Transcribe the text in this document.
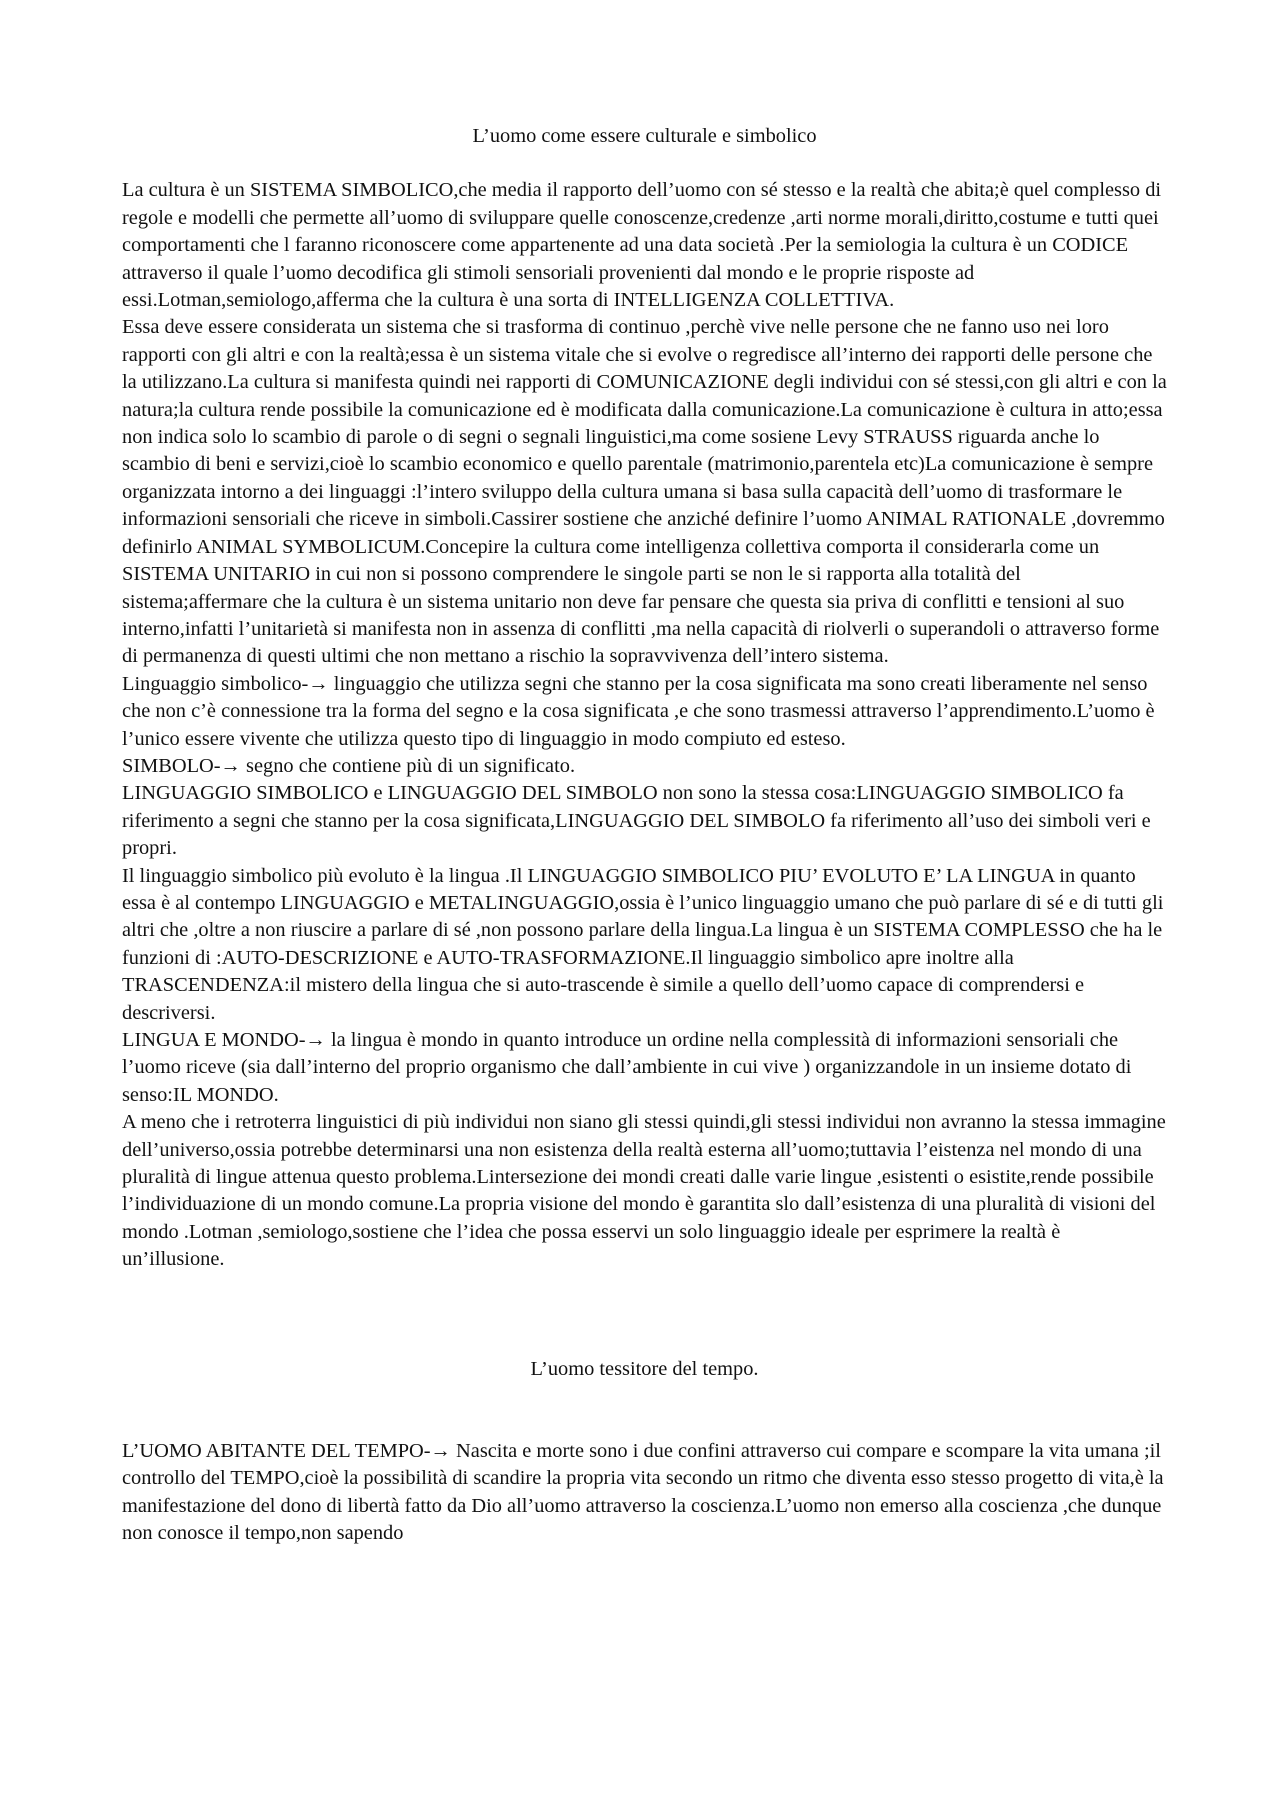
L’uomo come essere culturale e simbolico

La cultura è un SISTEMA SIMBOLICO,che media il rapporto dell’uomo con sé stesso e la realtà che abita;è quel complesso di regole e modelli che permette all’uomo di sviluppare quelle conoscenze,credenze ,arti norme morali,diritto,costume e tutti quei comportamenti che l faranno riconoscere come appartenente ad una data società .Per la semiologia la cultura è un CODICE attraverso il quale l’uomo decodifica gli stimoli sensoriali provenienti dal mondo e le proprie risposte ad essi.Lotman,semiologo,afferma che la cultura è una sorta di INTELLIGENZA COLLETTIVA.

Essa deve essere considerata un sistema che si trasforma di continuo ,perchè vive nelle persone che ne fanno uso nei loro rapporti con gli altri e con la realtà;essa è un sistema vitale che si evolve o regredisce all’interno dei rapporti delle persone che la utilizzano.La cultura si manifesta quindi nei rapporti di COMUNICAZIONE degli individui con sé stessi,con gli altri e con la natura;la cultura rende possibile la comunicazione ed è modificata dalla comunicazione.La comunicazione è cultura in atto;essa non indica solo lo scambio di parole o di segni o segnali linguistici,ma come sosiene Levy STRAUSS riguarda anche lo scambio di beni e servizi,cioè lo scambio economico e quello parentale (matrimonio,parentela etc)La comunicazione è sempre organizzata intorno a dei linguaggi :l’intero sviluppo della cultura umana si basa sulla capacità dell’uomo di trasformare le informazioni sensoriali che riceve in simboli.Cassirer sostiene che anziché definire l’uomo ANIMAL RATIONALE ,dovremmo definirlo ANIMAL SYMBOLICUM.Concepire la cultura come intelligenza collettiva comporta il considerarla come un SISTEMA UNITARIO in cui non si possono comprendere le singole parti se non le si rapporta alla totalità del sistema;affermare che la cultura è un sistema unitario non deve far pensare che questa sia priva di conflitti e tensioni al suo interno,infatti l’unitarietà si manifesta non in assenza di conflitti ,ma nella capacità di riolverli o superandoli o attraverso forme di permanenza di questi ultimi che non mettano a rischio la sopravvivenza dell’intero sistema.

Linguaggio simbolico-→ linguaggio che utilizza segni che stanno per la cosa significata ma sono creati liberamente nel senso che non c’è connessione tra la forma del segno e la cosa significata ,e che sono trasmessi attraverso l’apprendimento.L’uomo è l’unico essere vivente che utilizza questo tipo di linguaggio in modo compiuto ed esteso.

SIMBOLO-→ segno che contiene più di un significato.

LINGUAGGIO SIMBOLICO e LINGUAGGIO DEL SIMBOLO non sono la stessa cosa:LINGUAGGIO SIMBOLICO fa riferimento a segni che stanno per la cosa significata,LINGUAGGIO DEL SIMBOLO fa riferimento all’uso dei simboli veri e propri.

Il linguaggio simbolico più evoluto è la lingua .Il LINGUAGGIO SIMBOLICO PIU’ EVOLUTO E’ LA LINGUA in quanto essa è al contempo LINGUAGGIO e METALINGUAGGIO,ossia è l’unico linguaggio umano che può parlare di sé e di tutti gli altri che ,oltre a non riuscire a parlare di sé ,non possono parlare della lingua.La lingua è un SISTEMA COMPLESSO che ha le funzioni di :AUTO-DESCRIZIONE e AUTO-TRASFORMAZIONE.Il linguaggio simbolico apre inoltre alla TRASCENDENZA:il mistero della lingua che si auto-trascende è simile a quello dell’uomo capace di comprendersi e descriversi.

LINGUA E MONDO-→ la lingua è mondo in quanto introduce un ordine nella complessità di informazioni sensoriali che l’uomo riceve (sia dall’interno del proprio organismo che dall’ambiente in cui vive ) organizzandole in un insieme dotato di senso:IL MONDO.

A meno che i retroterra linguistici di più individui non siano gli stessi quindi,gli stessi individui non avranno la stessa immagine dell’universo,ossia potrebbe determinarsi una non esistenza della realtà esterna all’uomo;tuttavia l’eistenza nel mondo di una pluralità di lingue attenua questo problema.Lintersezione dei mondi creati dalle varie lingue ,esistenti o esistite,rende possibile l’individuazione di un mondo comune.La propria visione del mondo è garantita slo dall’esistenza di una pluralità di visioni del mondo .Lotman ,semiologo,sostiene che l’idea che possa esservi un solo linguaggio ideale per esprimere la realtà è un’illusione.

L’uomo tessitore del tempo.

L’UOMO ABITANTE DEL TEMPO-→ Nascita e morte sono i due confini attraverso cui compare e scompare la vita umana ;il controllo del TEMPO,cioè la possibilità di scandire la propria vita secondo un ritmo che diventa esso stesso progetto di vita,è la manifestazione del dono di libertà fatto da Dio all’uomo attraverso la coscienza.L’uomo non emerso alla coscienza ,che dunque non conosce il tempo,non sapendo
